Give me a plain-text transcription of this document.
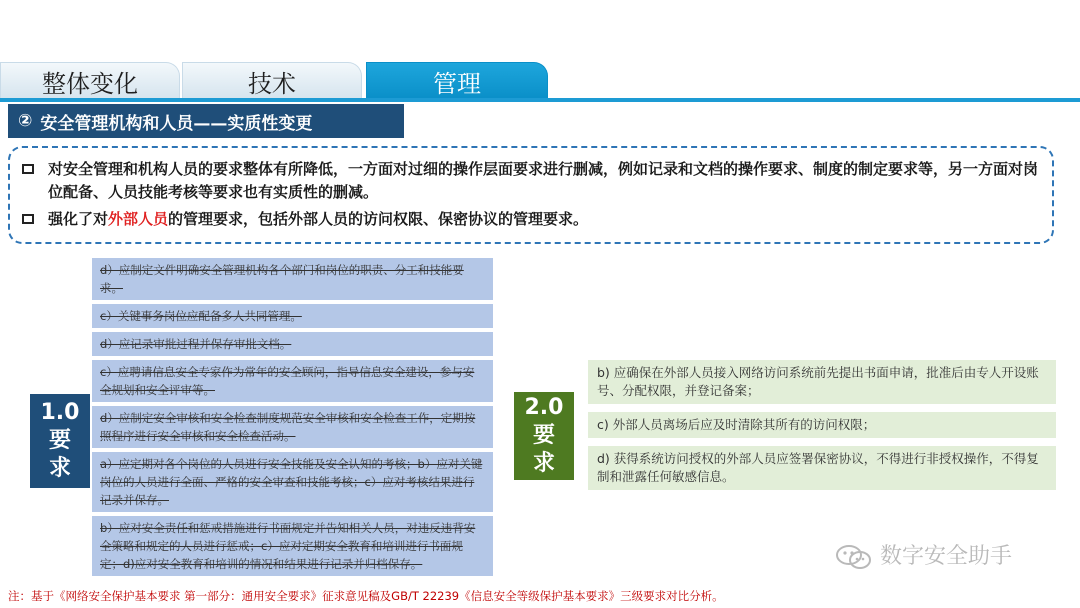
整体变化	技术	管理
② 安全管理机构和人员——实质性变更
对安全管理和机构人员的要求整体有所降低，一方面对过细的操作层面要求进行删减，例如记录和文档的操作要求、制度的制定要求等，另一方面对岗位配备、人员技能考核等要求也有实质性的删减。
强化了对外部人员的管理要求，包括外部人员的访问权限、保密协议的管理要求。
d）应制定文件明确安全管理机构各个部门和岗位的职责、分工和技能要求。
c）关键事务岗位应配备多人共同管理。
d）应记录审批过程并保存审批文档。
c）应聘请信息安全专家作为常年的安全顾问，指导信息安全建设，参与安全规划和安全评审等。
d）应制定安全审核和安全检查制度规范安全审核和安全检查工作，定期按照程序进行安全审核和安全检查活动。
a）应定期对各个岗位的人员进行安全技能及安全认知的考核；b）应对关键岗位的人员进行全面、严格的安全审查和技能考核；c）应对考核结果进行记录并保存。
b）应对安全责任和惩戒措施进行书面规定并告知相关人员，对违反违背安全策略和规定的人员进行惩戒；c）应对定期安全教育和培训进行书面规定；d)应对安全教育和培训的情况和结果进行记录并归档保存。
1.0
要
求
2.0
要
求
b) 应确保在外部人员接入网络访问系统前先提出书面申请，批准后由专人开设账号、分配权限，并登记备案；
c) 外部人员离场后应及时清除其所有的访问权限；
d) 获得系统访问授权的外部人员应签署保密协议，不得进行非授权操作，不得复制和泄露任何敏感信息。
数字安全助手
注：基于《网络安全保护基本要求 第一部分：通用安全要求》征求意见稿及GB/T 22239《信息安全等级保护基本要求》三级要求对比分析。
